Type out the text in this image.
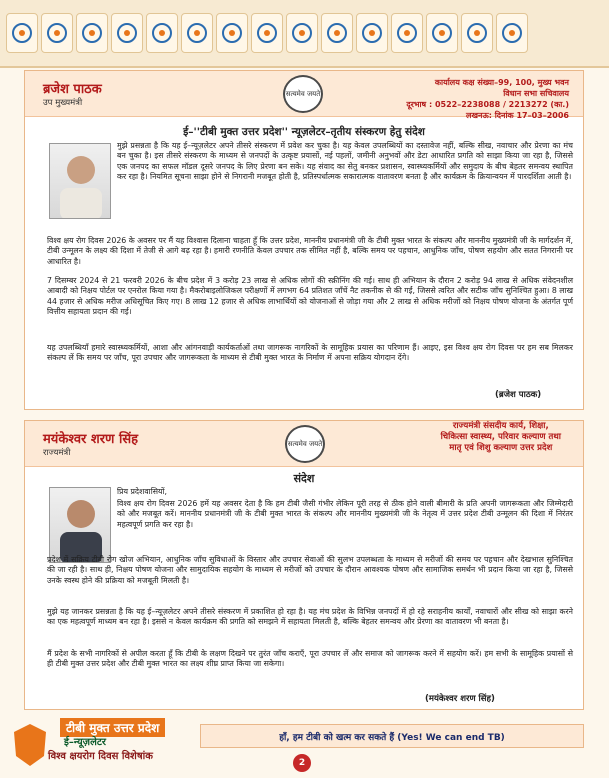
ब्रजेश पाठक
उप मुख्यमंत्री
सत्यमेव जयते
कार्यालय कक्ष संख्या–99, 100, मुख्य भवन
विधान सभा सचिवालय
दूरभाष : 0522–2238088 / 2213272 (का.)
लखनऊ: दिनांक 17–03–2006
ई–''टीबी मुक्त उत्तर प्रदेश'' न्यूज़लेटर–तृतीय संस्करण हेतु संदेश
मुझे प्रसन्नता है कि यह ई–न्यूज़लेटर अपने तीसरे संस्करण में प्रवेश कर चुका है। यह केवल उपलब्धियों का दस्तावेज नहीं, बल्कि सीख, नवाचार और प्रेरणा का मंच बन चुका है। इस तीसरे संस्करण के माध्यम से जनपदों के उत्कृष्ट प्रयासों, नई पहलों, जमीनी अनुभवों और डेटा आधारित प्रगति को साझा किया जा रहा है, जिससे एक जनपद का सफल मॉडल दूसरे जनपद के लिए प्रेरणा बन सके। यह संवाद का सेतु बनकर प्रशासन, स्वास्थ्यकर्मियों और समुदाय के बीच बेहतर समन्वय स्थापित कर रहा है। नियमित सूचना साझा होने से निगरानी मजबूत होती है, प्रतिस्पर्धात्मक सकारात्मक वातावरण बनता है और कार्यक्रम के क्रियान्वयन में पारदर्शिता आती है।
विश्व क्षय रोग दिवस 2026 के अवसर पर मैं यह विश्वास दिलाना चाहता हूँ कि उत्तर प्रदेश, माननीय प्रधानमंत्री जी के टीबी मुक्त भारत के संकल्प और माननीय मुख्यमंत्री जी के मार्गदर्शन में, टीबी उन्मूलन के लक्ष्य की दिशा में तेजी से आगे बढ़ रहा है। हमारी रणनीति केवल उपचार तक सीमित नहीं है, बल्कि समय पर पहचान, आधुनिक जाँच, पोषण सहयोग और सतत निगरानी पर आधारित है।
7 दिसम्बर 2024 से 21 फरवरी 2026 के बीच प्रदेश में 3 करोड़ 23 लाख से अधिक लोगों की स्क्रीनिंग की गई। साथ ही अभियान के दौरान 2 करोड़ 94 लाख से अधिक संवेदनशील आबादी को निक्षय पोर्टल पर एनरोल किया गया है। मैकरोबाइलोजिकल परीक्षणों में लगभग 64 प्रतिशत जाँचें नैट तकनीक से की गईं, जिससे त्वरित और सटीक जाँच सुनिश्चित हुआ। 8 लाख 44 हजार से अधिक मरीज अधिसूचित किए गए। 8 लाख 12 हजार से अधिक लाभार्थियों को योजनाओं से जोड़ा गया और 2 लाख से अधिक मरीजों को निक्षय पोषण योजना के अंतर्गत पूर्ण वित्तीय सहायता प्रदान की गई।
यह उपलब्धियाँ हमारे स्वास्थ्यकर्मियों, आशा और आंगनवाड़ी कार्यकर्ताओं तथा जागरूक नागरिकों के सामूहिक प्रयास का परिणाम हैं। आइए, इस विश्व क्षय रोग दिवस पर हम सब मिलकर संकल्प लें कि समय पर जाँच, पूरा उपचार और जागरूकता के माध्यम से टीबी मुक्त भारत के निर्माण में अपना सक्रिय योगदान देंगे।
(ब्रजेश पाठक)
मयंकेश्वर शरण सिंह
राज्यमंत्री
सत्यमेव जयते
राज्यमंत्री संसदीय कार्य, शिक्षा,
चिकित्सा स्वास्थ्य, परिवार कल्याण तथा
मातृ एवं शिशु कल्याण उत्तर प्रदेश
संदेश
प्रिय प्रदेशवासियों,
विश्व क्षय रोग दिवस 2026 हमें यह अवसर देता है कि हम टीबी जैसी गंभीर लेकिन पूरी तरह से ठीक होने वाली बीमारी के प्रति अपनी जागरूकता और जिम्मेदारी को और मजबूत करें। माननीय प्रधानमंत्री जी के टीबी मुक्त भारत के संकल्प और माननीय मुख्यमंत्री जी के नेतृत्व में उत्तर प्रदेश टीबी उन्मूलन की दिशा में निरंतर महत्वपूर्ण प्रगति कर रहा है।
प्रदेश में सक्रिय टीबी रोग खोज अभियान, आधुनिक जाँच सुविधाओं के विस्तार और उपचार सेवाओं की सुलभ उपलब्धता के माध्यम से मरीजों की समय पर पहचान और देखभाल सुनिश्चित की जा रही है। साथ ही, निक्षय पोषण योजना और सामुदायिक सहयोग के माध्यम से मरीजों को उपचार के दौरान आवश्यक पोषण और सामाजिक समर्थन भी प्रदान किया जा रहा है, जिससे उनके स्वस्थ होने की प्रक्रिया को मजबूती मिलती है।
मुझे यह जानकर प्रसन्नता है कि यह ई–न्यूज़लेटर अपने तीसरे संस्करण में प्रकाशित हो रहा है। यह मंच प्रदेश के विभिन्न जनपदों में हो रहे सराहनीय कार्यों, नवाचारों और सीख को साझा करने का एक महत्वपूर्ण माध्यम बन रहा है। इससे न केवल कार्यक्रम की प्रगति को समझने में सहायता मिलती है, बल्कि बेहतर समन्वय और प्रेरणा का वातावरण भी बनता है।
मैं प्रदेश के सभी नागरिकों से अपील करता हूँ कि टीबी के लक्षण दिखने पर तुरंत जाँच कराएँ, पूरा उपचार लें और समाज को जागरूक करने में सहयोग करें। हम सभी के सामूहिक प्रयासों से ही टीबी मुक्त उत्तर प्रदेश और टीबी मुक्त भारत का लक्ष्य शीघ्र प्राप्त किया जा सकेगा।
(मयंकेश्वर शरण सिंह)
टीबी मुक्त उत्तर प्रदेश
ई–न्यूज़लेटर
विश्व क्षयरोग दिवस विशेषांक
हाँ, हम टीबी को खत्म कर सकते हैं (Yes! We can end TB)
2
